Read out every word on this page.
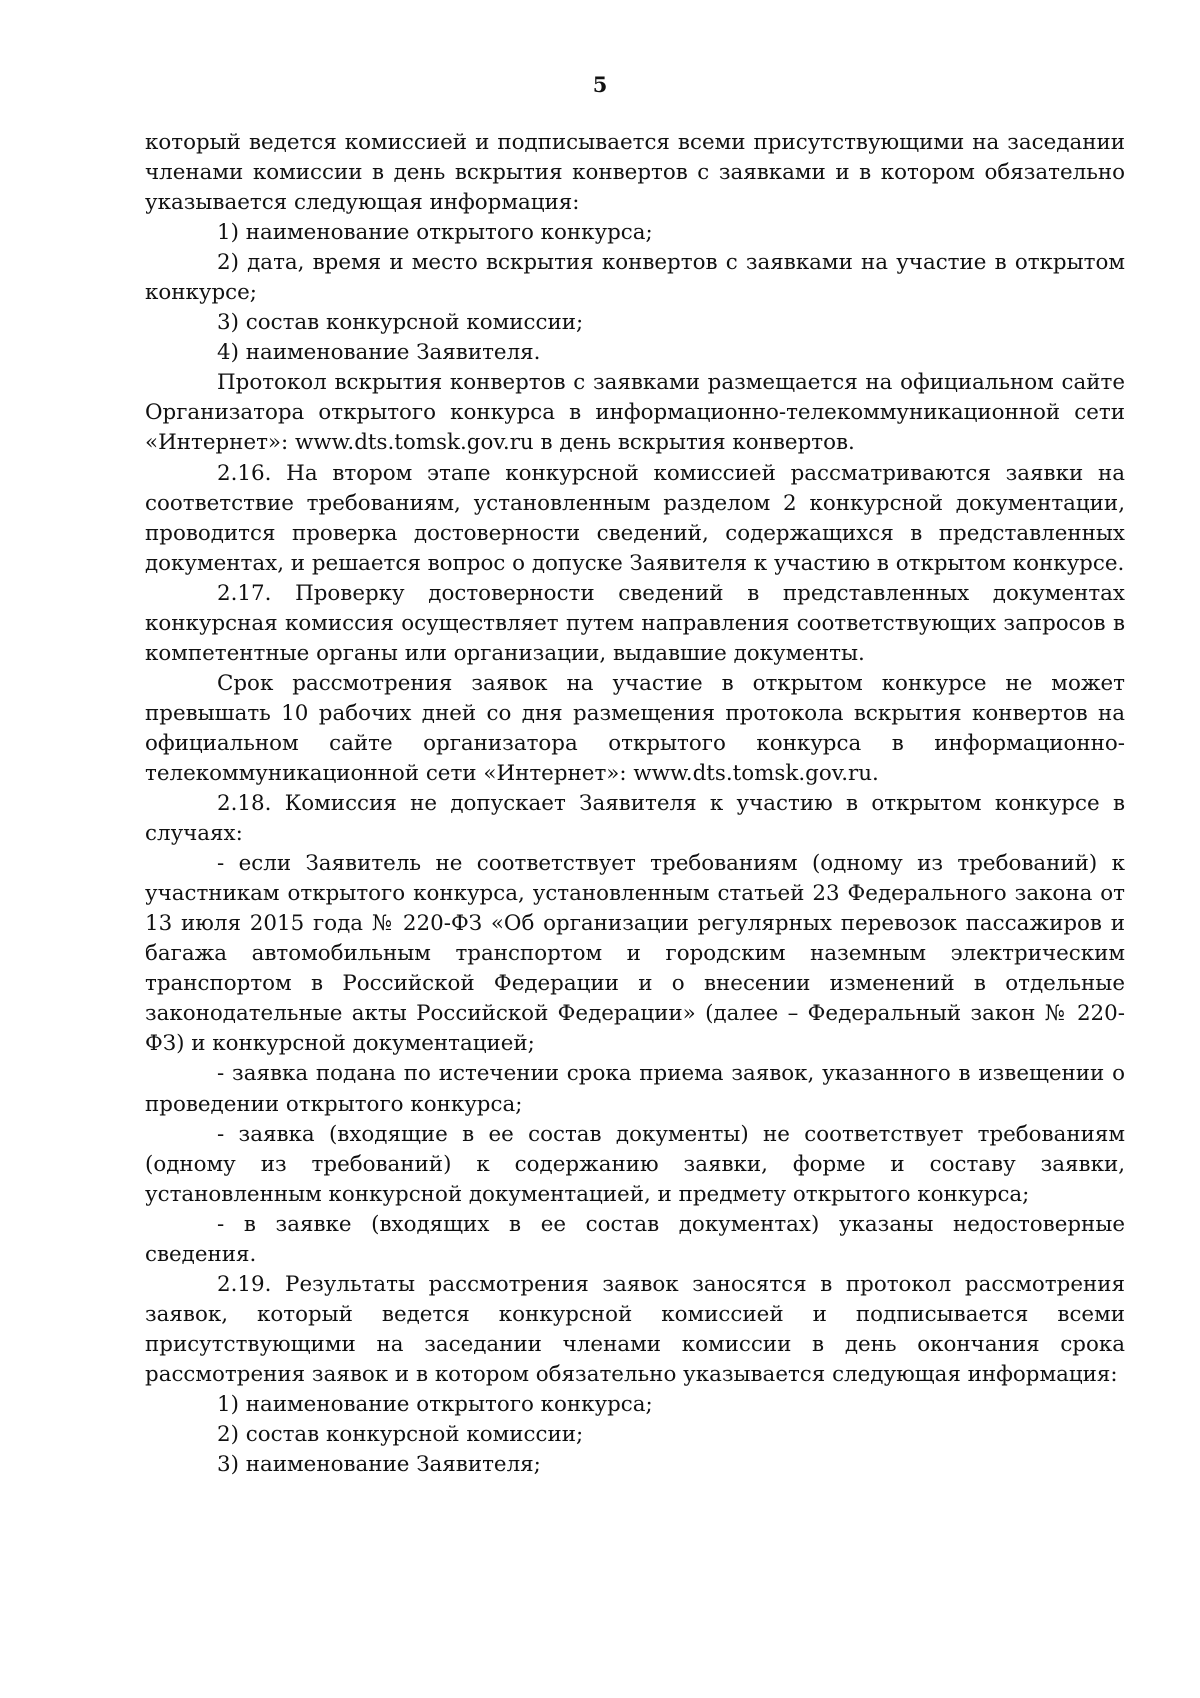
5

который ведется комиссией и подписывается всеми присутствующими на заседании членами комиссии в день вскрытия конвертов с заявками и в котором обязательно указывается следующая информация:

1) наименование открытого конкурса;

2) дата, время и место вскрытия конвертов с заявками на участие в открытом конкурсе;

3) состав конкурсной комиссии;

4) наименование Заявителя.

Протокол вскрытия конвертов с заявками размещается на официальном сайте Организатора открытого конкурса в информационно-телекоммуникационной сети «Интернет»: www.dts.tomsk.gov.ru в день вскрытия конвертов.

2.16. На втором этапе конкурсной комиссией рассматриваются заявки на соответствие требованиям, установленным разделом 2 конкурсной документации, проводится проверка достоверности сведений, содержащихся в представленных документах, и решается вопрос о допуске Заявителя к участию в открытом конкурсе.

2.17. Проверку достоверности сведений в представленных документах конкурсная комиссия осуществляет путем направления соответствующих запросов в компетентные органы или организации, выдавшие документы.

Срок рассмотрения заявок на участие в открытом конкурсе не может превышать 10 рабочих дней со дня размещения протокола вскрытия конвертов на официальном сайте организатора открытого конкурса в информационно-телекоммуникационной сети «Интернет»: www.dts.tomsk.gov.ru.

2.18. Комиссия не допускает Заявителя к участию в открытом конкурсе в случаях:

- если Заявитель не соответствует требованиям (одному из требований) к участникам открытого конкурса, установленным статьей 23 Федерального закона от 13 июля 2015 года № 220-ФЗ «Об организации регулярных перевозок пассажиров и багажа автомобильным транспортом и городским наземным электрическим транспортом в Российской Федерации и о внесении изменений в отдельные законодательные акты Российской Федерации» (далее – Федеральный закон № 220-ФЗ) и конкурсной документацией;

- заявка подана по истечении срока приема заявок, указанного в извещении о проведении открытого конкурса;

- заявка (входящие в ее состав документы) не соответствует требованиям (одному из требований) к содержанию заявки, форме и составу заявки, установленным конкурсной документацией, и предмету открытого конкурса;

- в заявке (входящих в ее состав документах) указаны недостоверные сведения.

2.19. Результаты рассмотрения заявок заносятся в протокол рассмотрения заявок, который ведется конкурсной комиссией и подписывается всеми присутствующими на заседании членами комиссии в день окончания срока рассмотрения заявок и в котором обязательно указывается следующая информация:

1) наименование открытого конкурса;

2) состав конкурсной комиссии;

3) наименование Заявителя;
